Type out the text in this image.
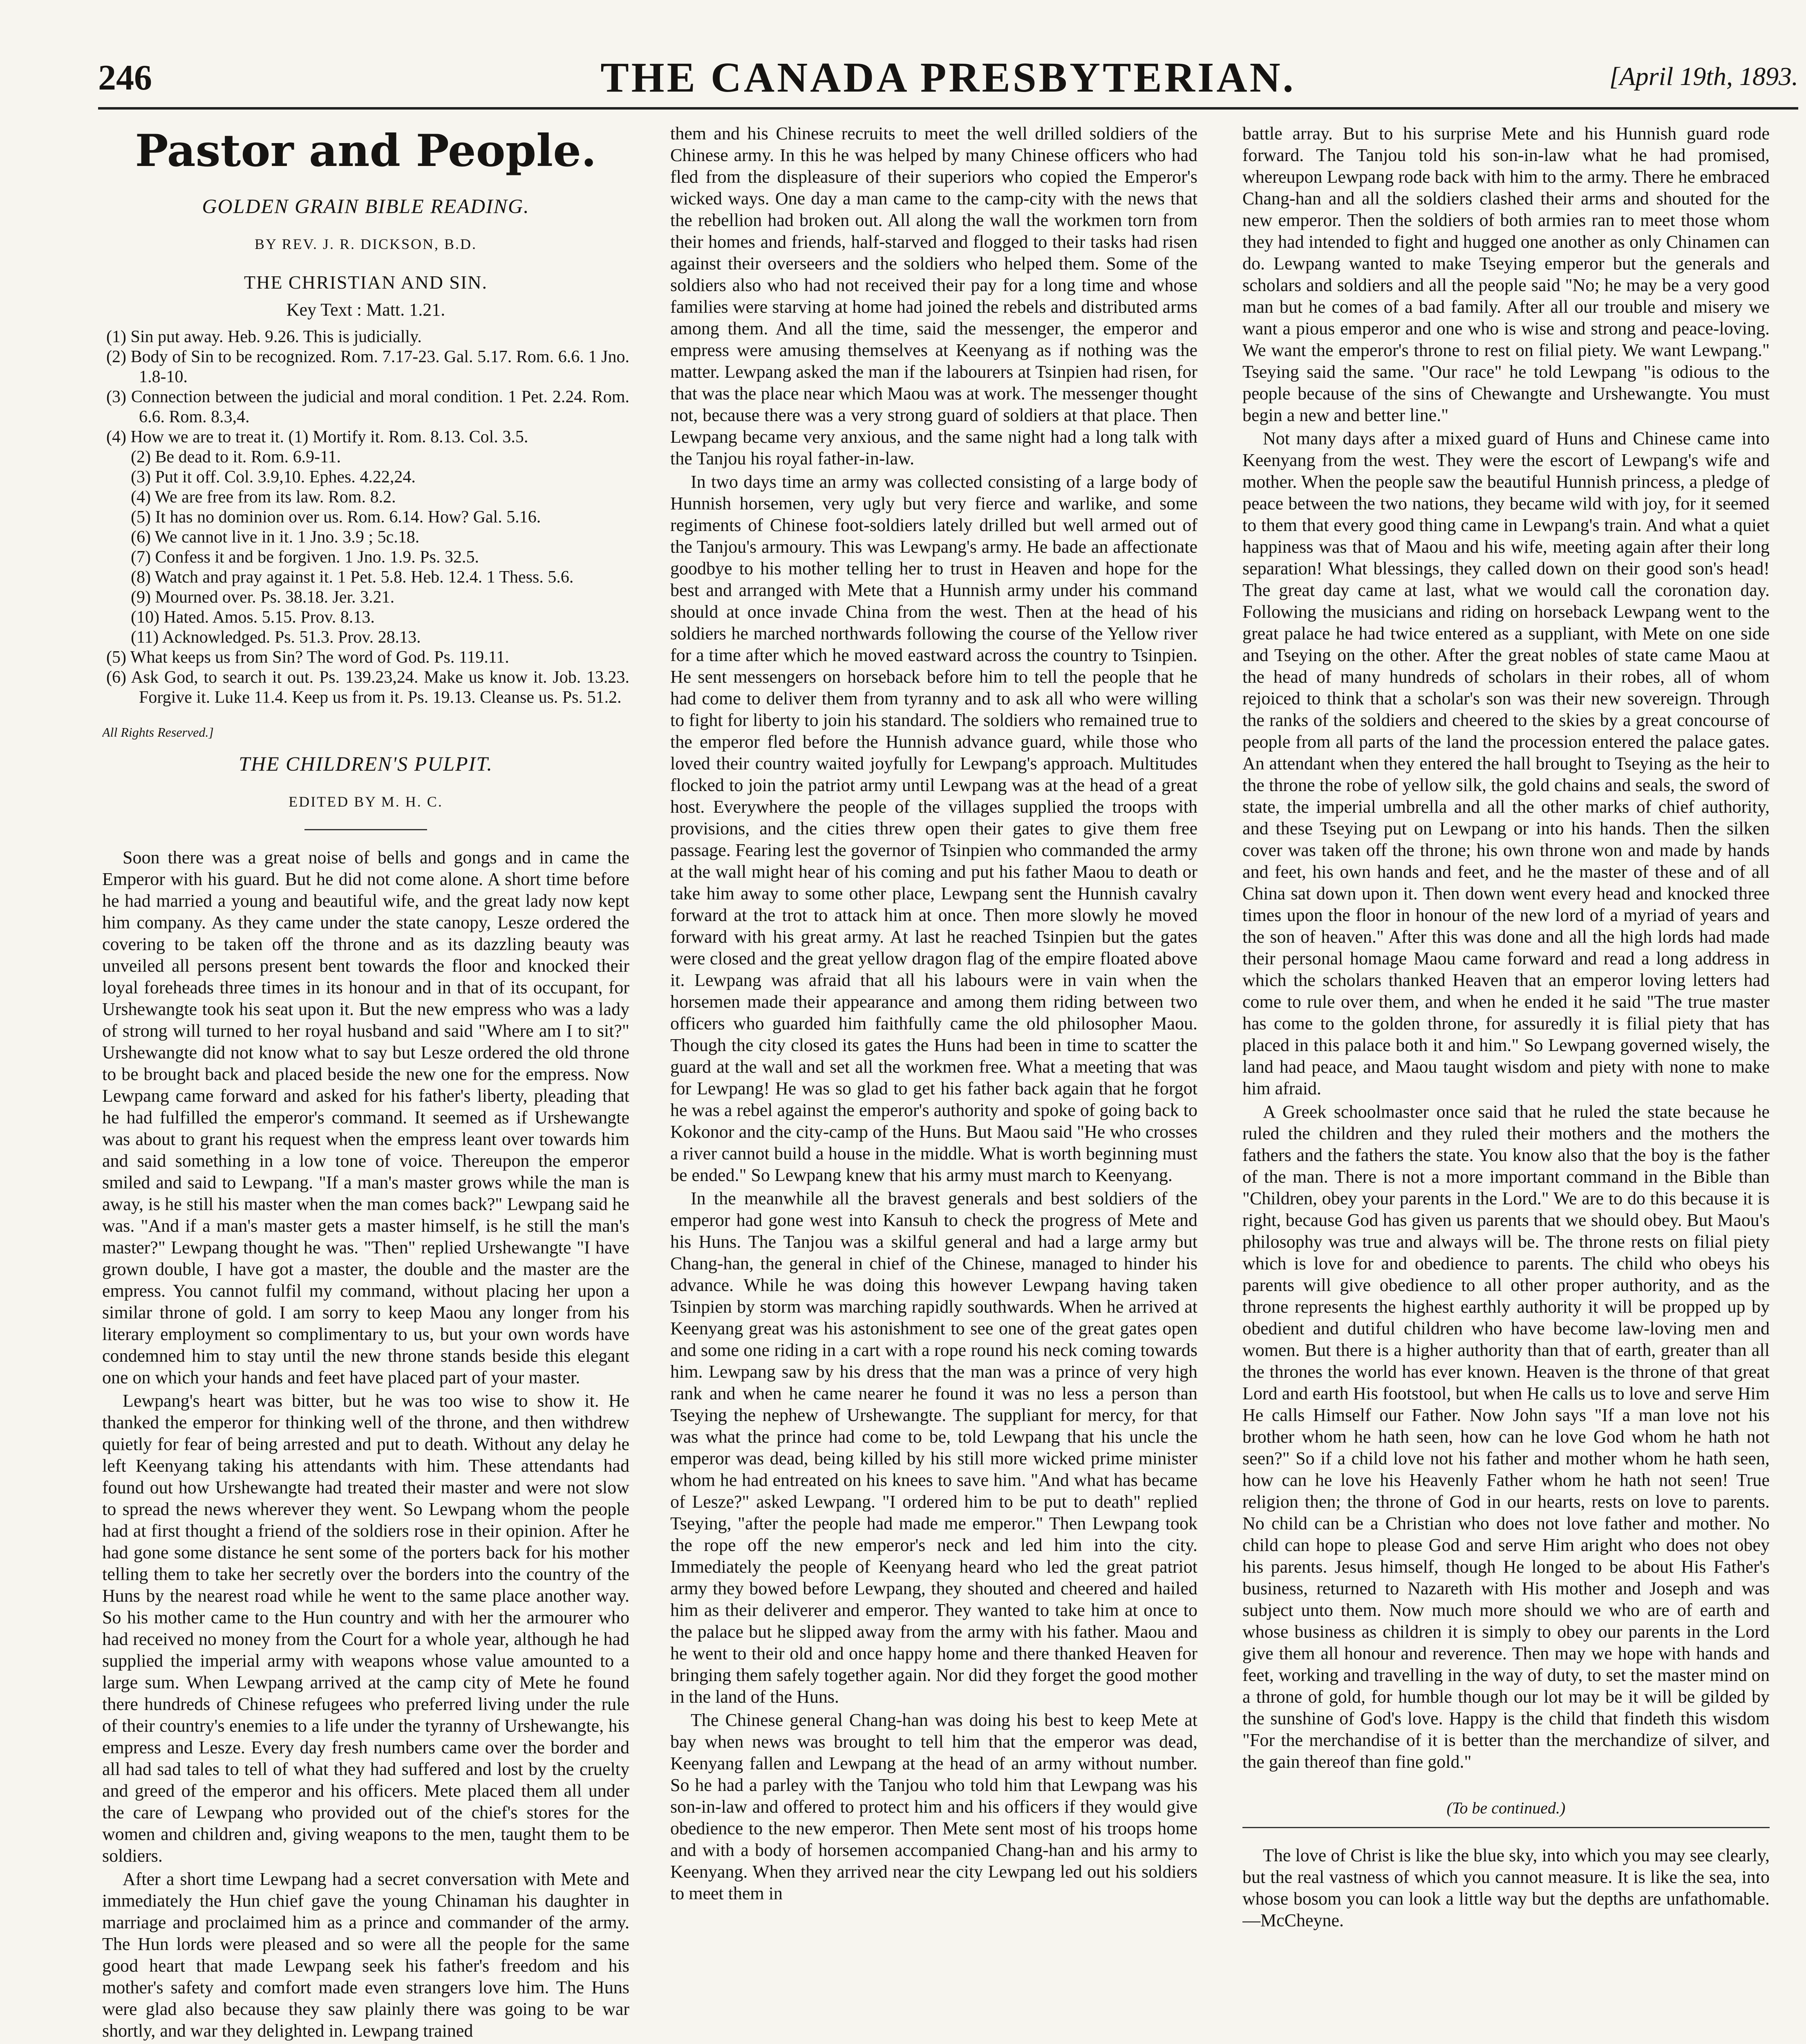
246	THE CANADA PRESBYTERIAN.	[April 19th, 1893.
Pastor and People.
GOLDEN GRAIN BIBLE READING.
BY REV. J. R. DICKSON, B.D.
THE CHRISTIAN AND SIN.
Key Text : Matt. 1.21.
(1) Sin put away. Heb. 9.26. This is judicially.
(2) Body of Sin to be recognized. Rom. 7.17-23. Gal. 5.17. Rom. 6.6. 1 Jno. 1.8-10.
(3) Connection between the judicial and moral condition. 1 Pet. 2.24. Rom. 6.6. Rom. 8.3,4.
(4) How we are to treat it. (1) Mortify it. Rom. 8.13. Col. 3.5.
(2) Be dead to it. Rom. 6.9-11.
(3) Put it off. Col. 3.9,10. Ephes. 4.22,24.
(4) We are free from its law. Rom. 8.2.
(5) It has no dominion over us. Rom. 6.14. How? Gal. 5.16.
(6) We cannot live in it. 1 Jno. 3.9 ; 5c.18.
(7) Confess it and be forgiven. 1 Jno. 1.9. Ps. 32.5.
(8) Watch and pray against it. 1 Pet. 5.8. Heb. 12.4. 1 Thess. 5.6.
(9) Mourned over. Ps. 38.18. Jer. 3.21.
(10) Hated. Amos. 5.15. Prov. 8.13.
(11) Acknowledged. Ps. 51.3. Prov. 28.13.
(5) What keeps us from Sin? The word of God. Ps. 119.11.
(6) Ask God, to search it out. Ps. 139.23,24. Make us know it. Job. 13.23. Forgive it. Luke 11.4. Keep us from it. Ps. 19.13. Cleanse us. Ps. 51.2.
All Rights Reserved.]
THE CHILDREN'S PULPIT.
EDITED BY M. H. C.

Soon there was a great noise of bells and gongs and in came the Emperor with his guard. But he did not come alone. A short time before he had married a young and beautiful wife, and the great lady now kept him company. As they came under the state canopy, Lesze ordered the covering to be taken off the throne and as its dazzling beauty was unveiled all persons present bent towards the floor and knocked their loyal foreheads three times in its honour and in that of its occupant, for Urshewangte took his seat upon it. But the new empress who was a lady of strong will turned to her royal husband and said "Where am I to sit?" Urshewangte did not know what to say but Lesze ordered the old throne to be brought back and placed beside the new one for the empress. Now Lewpang came forward and asked for his father's liberty, pleading that he had fulfilled the emperor's command. It seemed as if Urshewangte was about to grant his request when the empress leant over towards him and said something in a low tone of voice. Thereupon the emperor smiled and said to Lewpang. "If a man's master grows while the man is away, is he still his master when the man comes back?" Lewpang said he was. "And if a man's master gets a master himself, is he still the man's master?" Lewpang thought he was. "Then" replied Urshewangte "I have grown double, I have got a master, the double and the master are the empress. You cannot fulfil my command, without placing her upon a similar throne of gold. I am sorry to keep Maou any longer from his literary employment so complimentary to us, but your own words have condemned him to stay until the new throne stands beside this elegant one on which your hands and feet have placed part of your master.

Lewpang's heart was bitter, but he was too wise to show it. He thanked the emperor for thinking well of the throne, and then withdrew quietly for fear of being arrested and put to death. Without any delay he left Keenyang taking his attendants with him. These attendants had found out how Urshewangte had treated their master and were not slow to spread the news wherever they went. So Lewpang whom the people had at first thought a friend of the soldiers rose in their opinion. After he had gone some distance he sent some of the porters back for his mother telling them to take her secretly over the borders into the country of the Huns by the nearest road while he went to the same place another way. So his mother came to the Hun country and with her the armourer who had received no money from the Court for a whole year, although he had supplied the imperial army with weapons whose value amounted to a large sum. When Lewpang arrived at the camp city of Mete he found there hundreds of Chinese refugees who preferred living under the rule of their country's enemies to a life under the tyranny of Urshewangte, his empress and Lesze. Every day fresh numbers came over the border and all had sad tales to tell of what they had suffered and lost by the cruelty and greed of the emperor and his officers. Mete placed them all under the care of Lewpang who provided out of the chief's stores for the women and children and, giving weapons to the men, taught them to be soldiers.

After a short time Lewpang had a secret conversation with Mete and immediately the Hun chief gave the young Chinaman his daughter in marriage and proclaimed him as a prince and commander of the army. The Hun lords were pleased and so were all the people for the same good heart that made Lewpang seek his father's freedom and his mother's safety and comfort made even strangers love him. The Huns were glad also because they saw plainly there was going to be war shortly, and war they delighted in. Lewpang trained

them and his Chinese recruits to meet the well drilled soldiers of the Chinese army. In this he was helped by many Chinese officers who had fled from the displeasure of their superiors who copied the Emperor's wicked ways. One day a man came to the camp-city with the news that the rebellion had broken out. All along the wall the workmen torn from their homes and friends, half-starved and flogged to their tasks had risen against their overseers and the soldiers who helped them. Some of the soldiers also who had not received their pay for a long time and whose families were starving at home had joined the rebels and distributed arms among them. And all the time, said the messenger, the emperor and empress were amusing themselves at Keenyang as if nothing was the matter. Lewpang asked the man if the labourers at Tsinpien had risen, for that was the place near which Maou was at work. The messenger thought not, because there was a very strong guard of soldiers at that place. Then Lewpang became very anxious, and the same night had a long talk with the Tanjou his royal father-in-law.

In two days time an army was collected consisting of a large body of Hunnish horsemen, very ugly but very fierce and warlike, and some regiments of Chinese foot-soldiers lately drilled but well armed out of the Tanjou's armoury. This was Lewpang's army. He bade an affectionate goodbye to his mother telling her to trust in Heaven and hope for the best and arranged with Mete that a Hunnish army under his command should at once invade China from the west. Then at the head of his soldiers he marched northwards following the course of the Yellow river for a time after which he moved eastward across the country to Tsinpien. He sent messengers on horseback before him to tell the people that he had come to deliver them from tyranny and to ask all who were willing to fight for liberty to join his standard. The soldiers who remained true to the emperor fled before the Hunnish advance guard, while those who loved their country waited joyfully for Lewpang's approach. Multitudes flocked to join the patriot army until Lewpang was at the head of a great host. Everywhere the people of the villages supplied the troops with provisions, and the cities threw open their gates to give them free passage. Fearing lest the governor of Tsinpien who commanded the army at the wall might hear of his coming and put his father Maou to death or take him away to some other place, Lewpang sent the Hunnish cavalry forward at the trot to attack him at once. Then more slowly he moved forward with his great army. At last he reached Tsinpien but the gates were closed and the great yellow dragon flag of the empire floated above it. Lewpang was afraid that all his labours were in vain when the horsemen made their appearance and among them riding between two officers who guarded him faithfully came the old philosopher Maou. Though the city closed its gates the Huns had been in time to scatter the guard at the wall and set all the workmen free. What a meeting that was for Lewpang! He was so glad to get his father back again that he forgot he was a rebel against the emperor's authority and spoke of going back to Kokonor and the city-camp of the Huns. But Maou said "He who crosses a river cannot build a house in the middle. What is worth beginning must be ended." So Lewpang knew that his army must march to Keenyang.

In the meanwhile all the bravest generals and best soldiers of the emperor had gone west into Kansuh to check the progress of Mete and his Huns. The Tanjou was a skilful general and had a large army but Chang-han, the general in chief of the Chinese, managed to hinder his advance. While he was doing this however Lewpang having taken Tsinpien by storm was marching rapidly southwards. When he arrived at Keenyang great was his astonishment to see one of the great gates open and some one riding in a cart with a rope round his neck coming towards him. Lewpang saw by his dress that the man was a prince of very high rank and when he came nearer he found it was no less a person than Tseying the nephew of Urshewangte. The suppliant for mercy, for that was what the prince had come to be, told Lewpang that his uncle the emperor was dead, being killed by his still more wicked prime minister whom he had entreated on his knees to save him. "And what has became of Lesze?" asked Lewpang. "I ordered him to be put to death" replied Tseying, "after the people had made me emperor." Then Lewpang took the rope off the new emperor's neck and led him into the city. Immediately the people of Keenyang heard who led the great patriot army they bowed before Lewpang, they shouted and cheered and hailed him as their deliverer and emperor. They wanted to take him at once to the palace but he slipped away from the army with his father. Maou and he went to their old and once happy home and there thanked Heaven for bringing them safely together again. Nor did they forget the good mother in the land of the Huns.

The Chinese general Chang-han was doing his best to keep Mete at bay when news was brought to tell him that the emperor was dead, Keenyang fallen and Lewpang at the head of an army without number. So he had a parley with the Tanjou who told him that Lewpang was his son-in-law and offered to protect him and his officers if they would give obedience to the new emperor. Then Mete sent most of his troops home and with a body of horsemen accompanied Chang-han and his army to Keenyang. When they arrived near the city Lewpang led out his soldiers to meet them in

battle array. But to his surprise Mete and his Hunnish guard rode forward. The Tanjou told his son-in-law what he had promised, whereupon Lewpang rode back with him to the army. There he embraced Chang-han and all the soldiers clashed their arms and shouted for the new emperor. Then the soldiers of both armies ran to meet those whom they had intended to fight and hugged one another as only Chinamen can do. Lewpang wanted to make Tseying emperor but the generals and scholars and soldiers and all the people said "No; he may be a very good man but he comes of a bad family. After all our trouble and misery we want a pious emperor and one who is wise and strong and peace-loving. We want the emperor's throne to rest on filial piety. We want Lewpang." Tseying said the same. "Our race" he told Lewpang "is odious to the people because of the sins of Chewangte and Urshewangte. You must begin a new and better line."

Not many days after a mixed guard of Huns and Chinese came into Keenyang from the west. They were the escort of Lewpang's wife and mother. When the people saw the beautiful Hunnish princess, a pledge of peace between the two nations, they became wild with joy, for it seemed to them that every good thing came in Lewpang's train. And what a quiet happiness was that of Maou and his wife, meeting again after their long separation! What blessings, they called down on their good son's head! The great day came at last, what we would call the coronation day. Following the musicians and riding on horseback Lewpang went to the great palace he had twice entered as a suppliant, with Mete on one side and Tseying on the other. After the great nobles of state came Maou at the head of many hundreds of scholars in their robes, all of whom rejoiced to think that a scholar's son was their new sovereign. Through the ranks of the soldiers and cheered to the skies by a great concourse of people from all parts of the land the procession entered the palace gates. An attendant when they entered the hall brought to Tseying as the heir to the throne the robe of yellow silk, the gold chains and seals, the sword of state, the imperial umbrella and all the other marks of chief authority, and these Tseying put on Lewpang or into his hands. Then the silken cover was taken off the throne; his own throne won and made by hands and feet, his own hands and feet, and he the master of these and of all China sat down upon it. Then down went every head and knocked three times upon the floor in honour of the new lord of a myriad of years and the son of heaven." After this was done and all the high lords had made their personal homage Maou came forward and read a long address in which the scholars thanked Heaven that an emperor loving letters had come to rule over them, and when he ended it he said "The true master has come to the golden throne, for assuredly it is filial piety that has placed in this palace both it and him." So Lewpang governed wisely, the land had peace, and Maou taught wisdom and piety with none to make him afraid.

A Greek schoolmaster once said that he ruled the state because he ruled the children and they ruled their mothers and the mothers the fathers and the fathers the state. You know also that the boy is the father of the man. There is not a more important command in the Bible than "Children, obey your parents in the Lord." We are to do this because it is right, because God has given us parents that we should obey. But Maou's philosophy was true and always will be. The throne rests on filial piety which is love for and obedience to parents. The child who obeys his parents will give obedience to all other proper authority, and as the throne represents the highest earthly authority it will be propped up by obedient and dutiful children who have become law-loving men and women. But there is a higher authority than that of earth, greater than all the thrones the world has ever known. Heaven is the throne of that great Lord and earth His footstool, but when He calls us to love and serve Him He calls Himself our Father. Now John says "If a man love not his brother whom he hath seen, how can he love God whom he hath not seen?" So if a child love not his father and mother whom he hath seen, how can he love his Heavenly Father whom he hath not seen! True religion then; the throne of God in our hearts, rests on love to parents. No child can be a Christian who does not love father and mother. No child can hope to please God and serve Him aright who does not obey his parents. Jesus himself, though He longed to be about His Father's business, returned to Nazareth with His mother and Joseph and was subject unto them. Now much more should we who are of earth and whose business as children it is simply to obey our parents in the Lord give them all honour and reverence. Then may we hope with hands and feet, working and travelling in the way of duty, to set the master mind on a throne of gold, for humble though our lot may be it will be gilded by the sunshine of God's love. Happy is the child that findeth this wisdom "For the merchandise of it is better than the merchandize of silver, and the gain thereof than fine gold."

(To be continued.)

The love of Christ is like the blue sky, into which you may see clearly, but the real vastness of which you cannot measure. It is like the sea, into whose bosom you can look a little way but the depths are unfathomable.—McCheyne.
